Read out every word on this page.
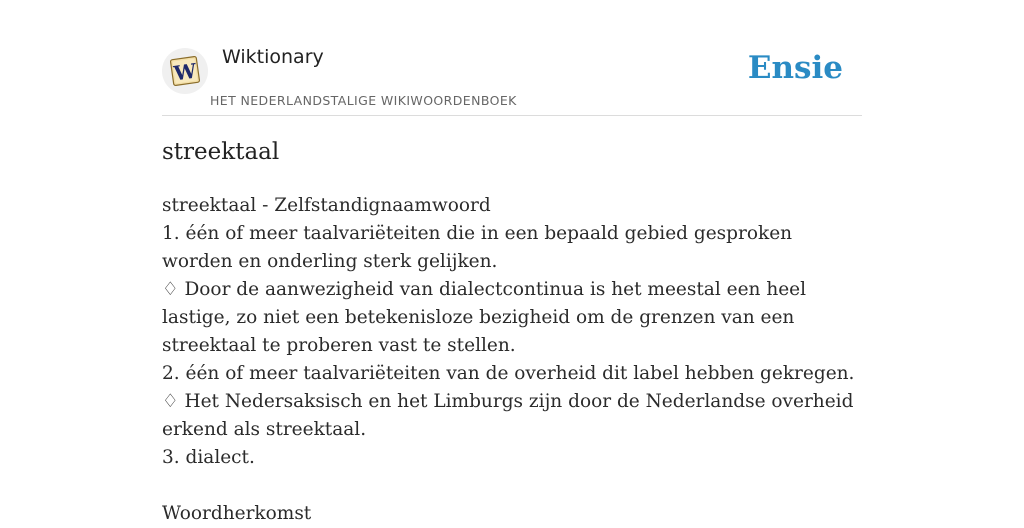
W
Wiktionary
HET NEDERLANDSTALIGE WIKIWOORDENBOEK
Ensie
streektaal
streektaal - Zelfstandignaamwoord
1. één of meer taalvariëteiten die in een bepaald gebied gesproken worden en onderling sterk gelijken.
♢ Door de aanwezigheid van dialectcontinua is het meestal een heel lastige, zo niet een betekenisloze bezigheid om de grenzen van een streektaal te proberen vast te stellen.
2. één of meer taalvariëteiten van de overheid dit label hebben gekregen.
♢ Het Nedersaksisch en het Limburgs zijn door de Nederlandse overheid erkend als streektaal.
3. dialect.
Woordherkomst
